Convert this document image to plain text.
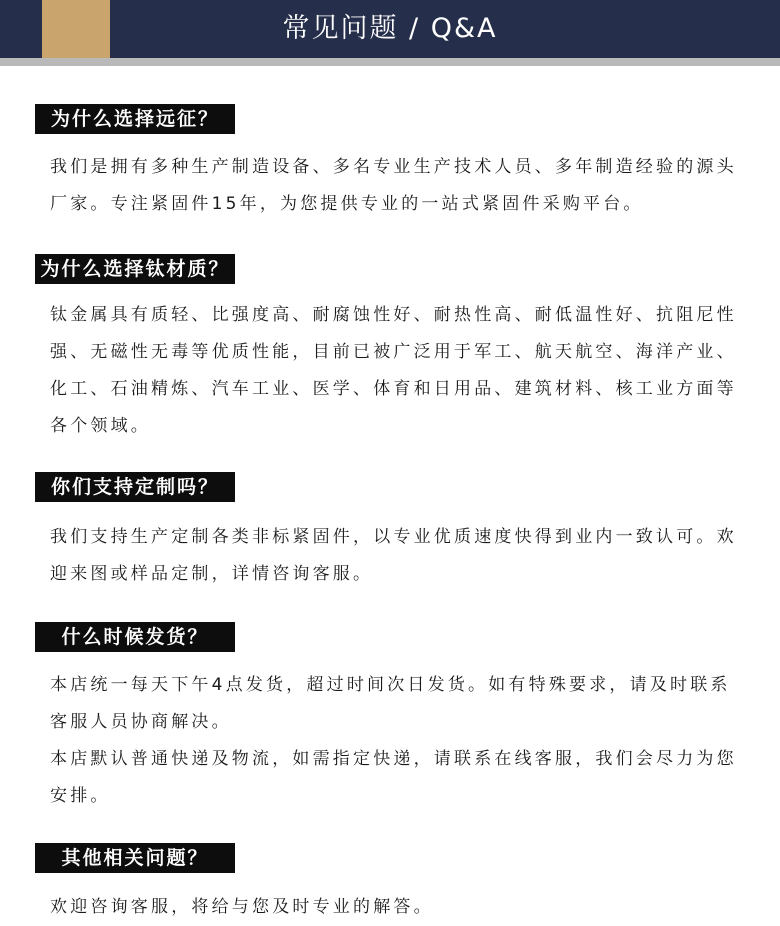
常见问题 / Q&A
为什么选择远征？

我们是拥有多种生产制造设备、多名专业生产技术人员、多年制造经验的源头

厂家。专注紧固件15年，为您提供专业的一站式紧固件采购平台。

为什么选择钛材质？

钛金属具有质轻、比强度高、耐腐蚀性好、耐热性高、耐低温性好、抗阻尼性

强、无磁性无毒等优质性能，目前已被广泛用于军工、航天航空、海洋产业、

化工、石油精炼、汽车工业、医学、体育和日用品、建筑材料、核工业方面等

各个领域。

你们支持定制吗？

我们支持生产定制各类非标紧固件，以专业优质速度快得到业内一致认可。欢

迎来图或样品定制，详情咨询客服。

什么时候发货？

本店统一每天下午4点发货，超过时间次日发货。如有特殊要求，请及时联系

客服人员协商解决。

本店默认普通快递及物流，如需指定快递，请联系在线客服，我们会尽力为您

安排。

其他相关问题？

欢迎咨询客服，将给与您及时专业的解答。
